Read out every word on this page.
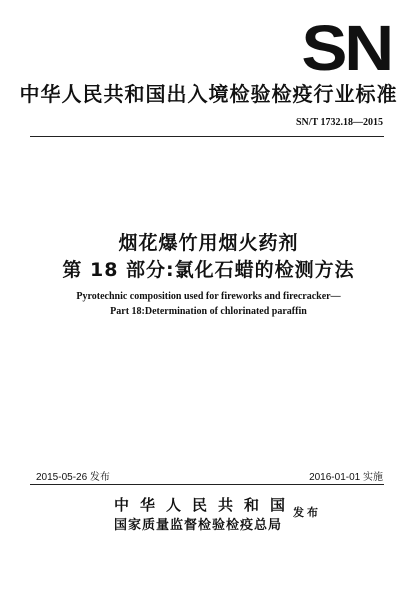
SN
中华人民共和国出入境检验检疫行业标准
SN/T 1732.18—2015
烟花爆竹用烟火药剂
第 18 部分:氯化石蜡的检测方法
Pyrotechnic composition used for fireworks and firecracker—
Part 18:Determination of chlorinated paraffin
2015-05-26 发布	2016-01-01 实施
中华人民共和国
国家质量监督检验检疫总局
发布
